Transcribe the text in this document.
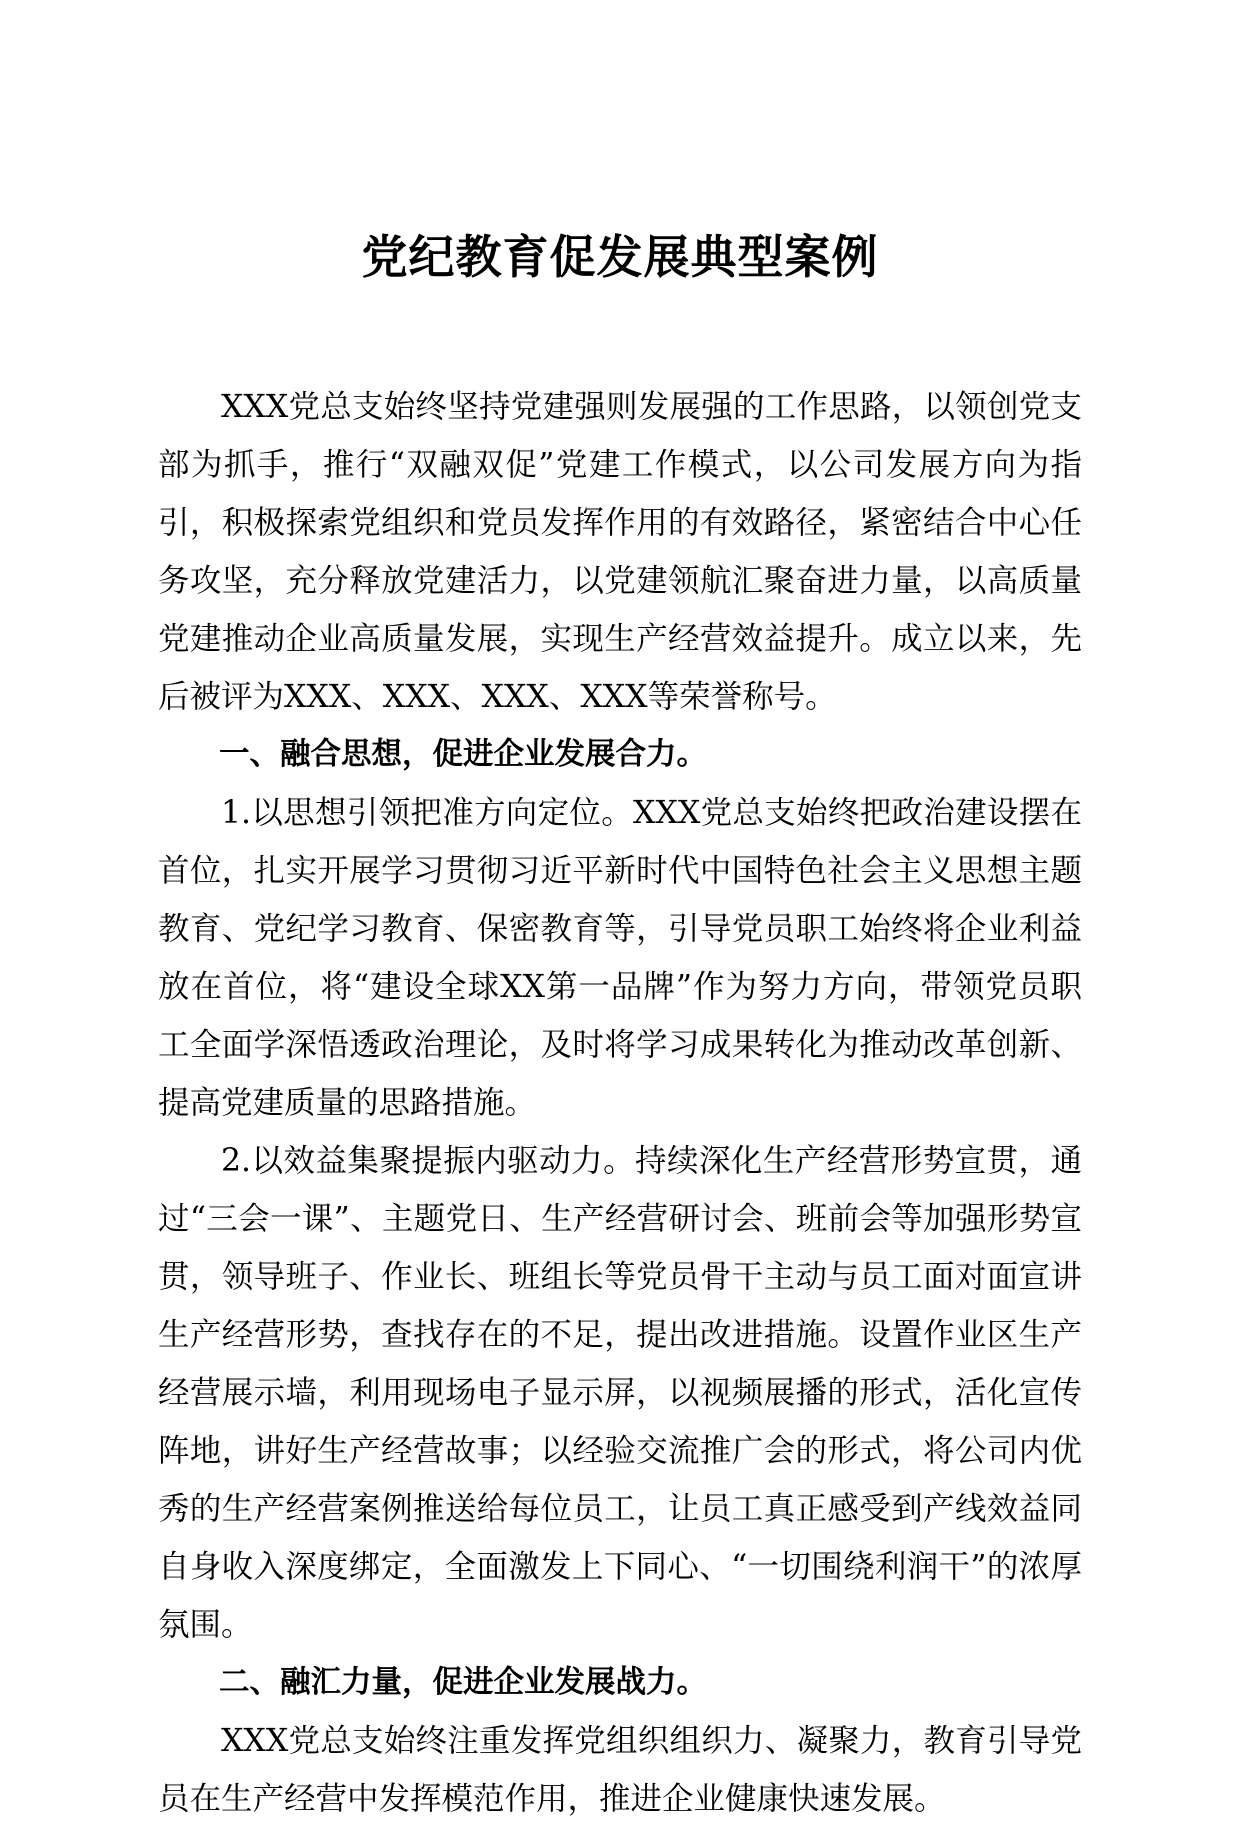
党纪教育促发展典型案例

XXX党总支始终坚持党建强则发展强的工作思路，以领创党支部为抓手，推行“双融双促”党建工作模式，以公司发展方向为指引，积极探索党组织和党员发挥作用的有效路径，紧密结合中心任务攻坚，充分释放党建活力，以党建领航汇聚奋进力量，以高质量党建推动企业高质量发展，实现生产经营效益提升。成立以来，先后被评为XXX、XXX、XXX、XXX等荣誉称号。

一、融合思想，促进企业发展合力。

1.以思想引领把准方向定位。XXX党总支始终把政治建设摆在首位，扎实开展学习贯彻习近平新时代中国特色社会主义思想主题教育、党纪学习教育、保密教育等，引导党员职工始终将企业利益放在首位，将“建设全球XX第一品牌”作为努力方向，带领党员职工全面学深悟透政治理论，及时将学习成果转化为推动改革创新、提高党建质量的思路措施。

2.以效益集聚提振内驱动力。持续深化生产经营形势宣贯，通过“三会一课”、主题党日、生产经营研讨会、班前会等加强形势宣贯，领导班子、作业长、班组长等党员骨干主动与员工面对面宣讲生产经营形势，查找存在的不足，提出改进措施。设置作业区生产经营展示墙，利用现场电子显示屏，以视频展播的形式，活化宣传阵地，讲好生产经营故事；以经验交流推广会的形式，将公司内优秀的生产经营案例推送给每位员工，让员工真正感受到产线效益同自身收入深度绑定，全面激发上下同心、“一切围绕利润干”的浓厚氛围。

二、融汇力量，促进企业发展战力。

XXX党总支始终注重发挥党组织组织力、凝聚力，教育引导党员在生产经营中发挥模范作用，推进企业健康快速发展。
